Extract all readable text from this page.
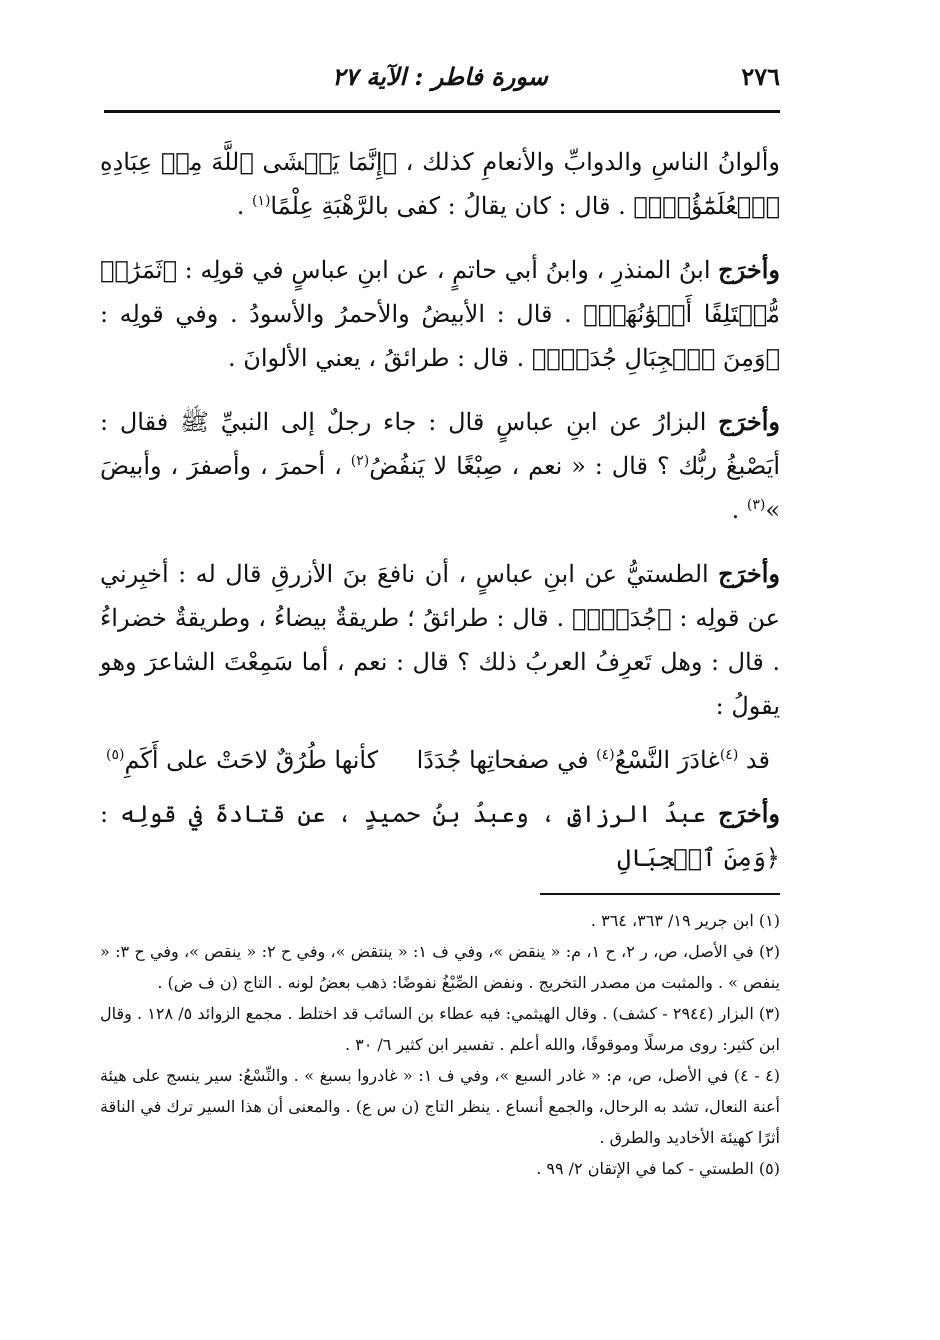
٢٧٦
سورة فاطر : الآية ٢٧

وألوانُ الناسِ والدوابِّ والأنعامِ كذلك ، ﴿إِنَّمَا يَخۡشَى ٱللَّهَ مِنۡ عِبَادِهِ ٱلۡعُلَمَٰٓؤُاْۗ﴾ . قال : كان يقالُ : كفى بالرَّهْبَةِ عِلْمًا$^{(١)}$ .

وأخرَج ابنُ المنذرِ ، وابنُ أبي حاتمٍ ، عن ابنِ عباسٍ في قولِه : ﴿ثَمَرَٰتٖ مُّخۡتَلِفًا أَلۡوَٰنُهَاۚ﴾ . قال : الأبيضُ والأحمرُ والأسودُ . وفي قولِه : ﴿وَمِنَ ٱلۡجِبَالِ جُدَدُۢ﴾ . قال : طرائقُ ، يعني الألوانَ .

وأخرَج البزارُ عن ابنِ عباسٍ قال : جاء رجلٌ إلى النبيِّ ﷺ فقال : أيَصْبغُ ربُّك ؟ قال : « نعم ، صِبْغًا لا يَنفُضُ$^{(٢)}$ ، أحمرَ ، وأصفرَ ، وأبيضَ »$^{(٣)}$ .

وأخرَج الطستيُّ عن ابنِ عباسٍ ، أن نافعَ بنَ الأزرقِ قال له : أخبِرني عن قولِه : ﴿جُدَدُۢ﴾ . قال : طرائقُ ؛ طريقةٌ بيضاءُ ، وطريقةٌ خضراءُ . قال : وهل تَعرِفُ العربُ ذلك ؟ قال : نعم ، أما سَمِعْتَ الشاعرَ وهو يقولُ :

قد $^{(٤)}$غادَرَ النَّسْعُ$^{(٤)}$ في صفحاتِها جُدَدًا
كأنها طُرُقٌ لاحَتْ على أَكَمِ$^{(٥)}$

وأخرَج عبدُ الرزاقِ ، وعبدُ بنُ حميدٍ ، عن قتادةَ في قولِه : ﴿وَمِنَ ٱلۡجِبَالِ

(١) ابن جرير ١٩/ ٣٦٣، ٣٦٤ .

(٢) في الأصل، ص، ر ٢، ح ١، م: « ينقض »، وفي ف ١: « ينتقض »، وفي ح ٢: « ينقص »، وفي ح ٣: « ينفص » . والمثبت من مصدر التخريج . ونفض الصِّبْغُ نفوضًا: ذهب بعضُ لونه . التاج (ن ف ض) .

(٣) البزار (٢٩٤٤ - كشف) . وقال الهيثمي: فيه عطاء بن السائب قد اختلط . مجمع الزوائد ٥/ ١٢٨ . وقال ابن كثير: روى مرسلًا وموقوفًا، والله أعلم . تفسير ابن كثير ٦/ ٣٠ .

(٤ - ٤) في الأصل، ص، م: « غادر السبع »، وفي ف ١: « غادروا بسبغ » . والنِّسْعُ: سير ينسج على هيئة أعنة النعال، تشد به الرحال، والجمع أنساع . ينظر التاج (ن س ع) . والمعنى أن هذا السير ترك في الناقة أثرًا كهيئة الأخاديد والطرق .

(٥) الطستي - كما في الإتقان ٢/ ٩٩ .
